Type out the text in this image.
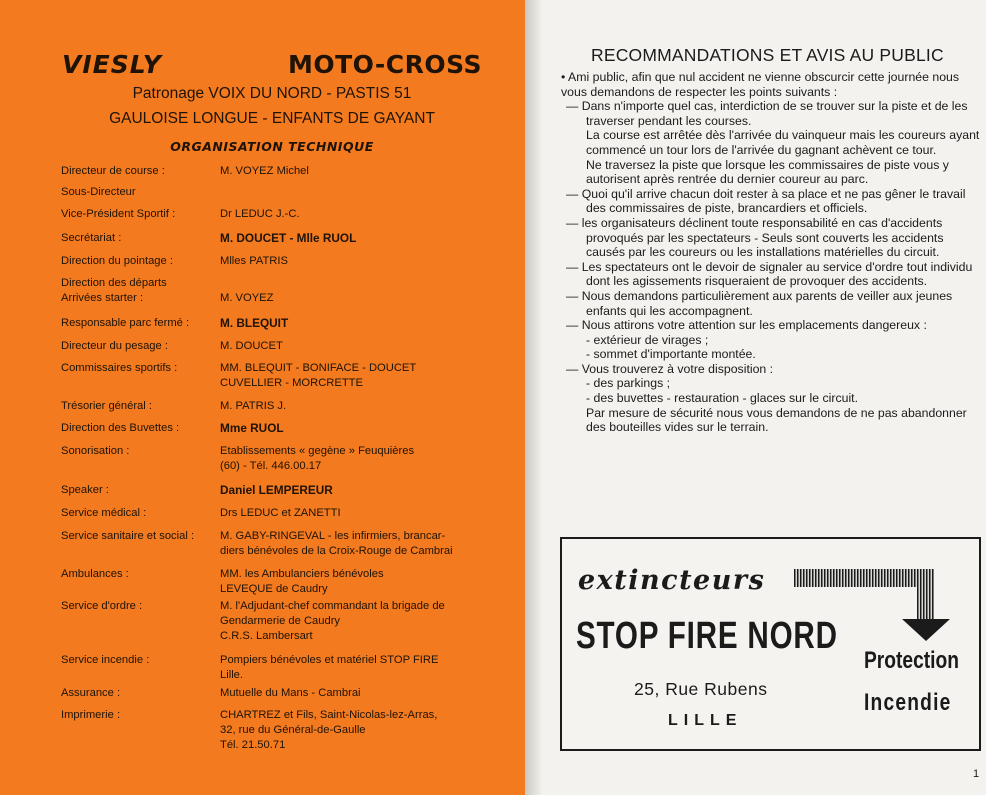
VIESLY	MOTO-CROSS
Patronage VOIX DU NORD - PASTIS 51
GAULOISE LONGUE - ENFANTS DE GAYANT
ORGANISATION TECHNIQUE
Directeur de course :	M. VOYEZ Michel
Sous-Directeur
Vice-Président Sportif :	Dr LEDUC J.-C.
Secrétariat :	M. DOUCET - Mlle RUOL
Direction du pointage :	Mlles PATRIS
Direction des départs
Arrivées starter :	M. VOYEZ
Responsable parc fermé :	M. BLEQUIT
Directeur du pesage :	M. DOUCET
Commissaires sportifs :	MM. BLEQUIT - BONIFACE - DOUCET
CUVELLIER - MORCRETTE
Trésorier général :	M. PATRIS J.
Direction des Buvettes :	Mme RUOL
Sonorisation :	Etablissements « gegène » Feuquières
(60) - Tél. 446.00.17
Speaker :	Daniel LEMPEREUR
Service médical :	Drs LEDUC et ZANETTI
Service sanitaire et social :	M. GABY-RINGEVAL - les infirmiers, brancar-
diers bénévoles de la Croix-Rouge de Cambrai
Ambulances :	MM. les Ambulanciers bénévoles
LEVEQUE de Caudry
Service d'ordre :	M. l'Adjudant-chef commandant la brigade de
Gendarmerie de Caudry
C.R.S. Lambersart
Service incendie :	Pompiers bénévoles et matériel STOP FIRE
Lille.
Assurance :	Mutuelle du Mans - Cambrai
Imprimerie :	CHARTREZ et Fils, Saint-Nicolas-lez-Arras,
32, rue du Général-de-Gaulle
Tél. 21.50.71
RECOMMANDATIONS ET AVIS AU PUBLIC

• Ami public, afin que nul accident ne vienne obscurcir cette journée nous vous demandons de respecter les points suivants :

— Dans n'importe quel cas, interdiction de se trouver sur la piste et de les traverser pendant les courses.

La course est arrêtée dès l'arrivée du vainqueur mais les coureurs ayant commencé un tour lors de l'arrivée du gagnant achèvent ce tour.

Ne traversez la piste que lorsque les commissaires de piste vous y autorisent après rentrée du dernier coureur au parc.

— Quoi qu'il arrive chacun doit rester à sa place et ne pas gêner le travail des commissaires de piste, brancardiers et officiels.

— les organisateurs déclinent toute responsabilité en cas d'accidents provoqués par les spectateurs - Seuls sont couverts les accidents causés par les coureurs ou les installations matérielles du circuit.

— Les spectateurs ont le devoir de signaler au service d'ordre tout individu dont les agissements risqueraient de provoquer des accidents.

— Nous demandons particulièrement aux parents de veiller aux jeunes enfants qui les accompagnent.

— Nous attirons votre attention sur les emplacements dangereux :

- extérieur de virages ;

- sommet d'importante montée.

— Vous trouverez à votre disposition :

- des parkings ;

- des buvettes - restauration - glaces sur le circuit.

Par mesure de sécurité nous vous demandons de ne pas abandonner des bouteilles vides sur le terrain.

extincteurs
STOP FIRE NORD
Protection
Incendie
25, Rue Rubens
LILLE
1
